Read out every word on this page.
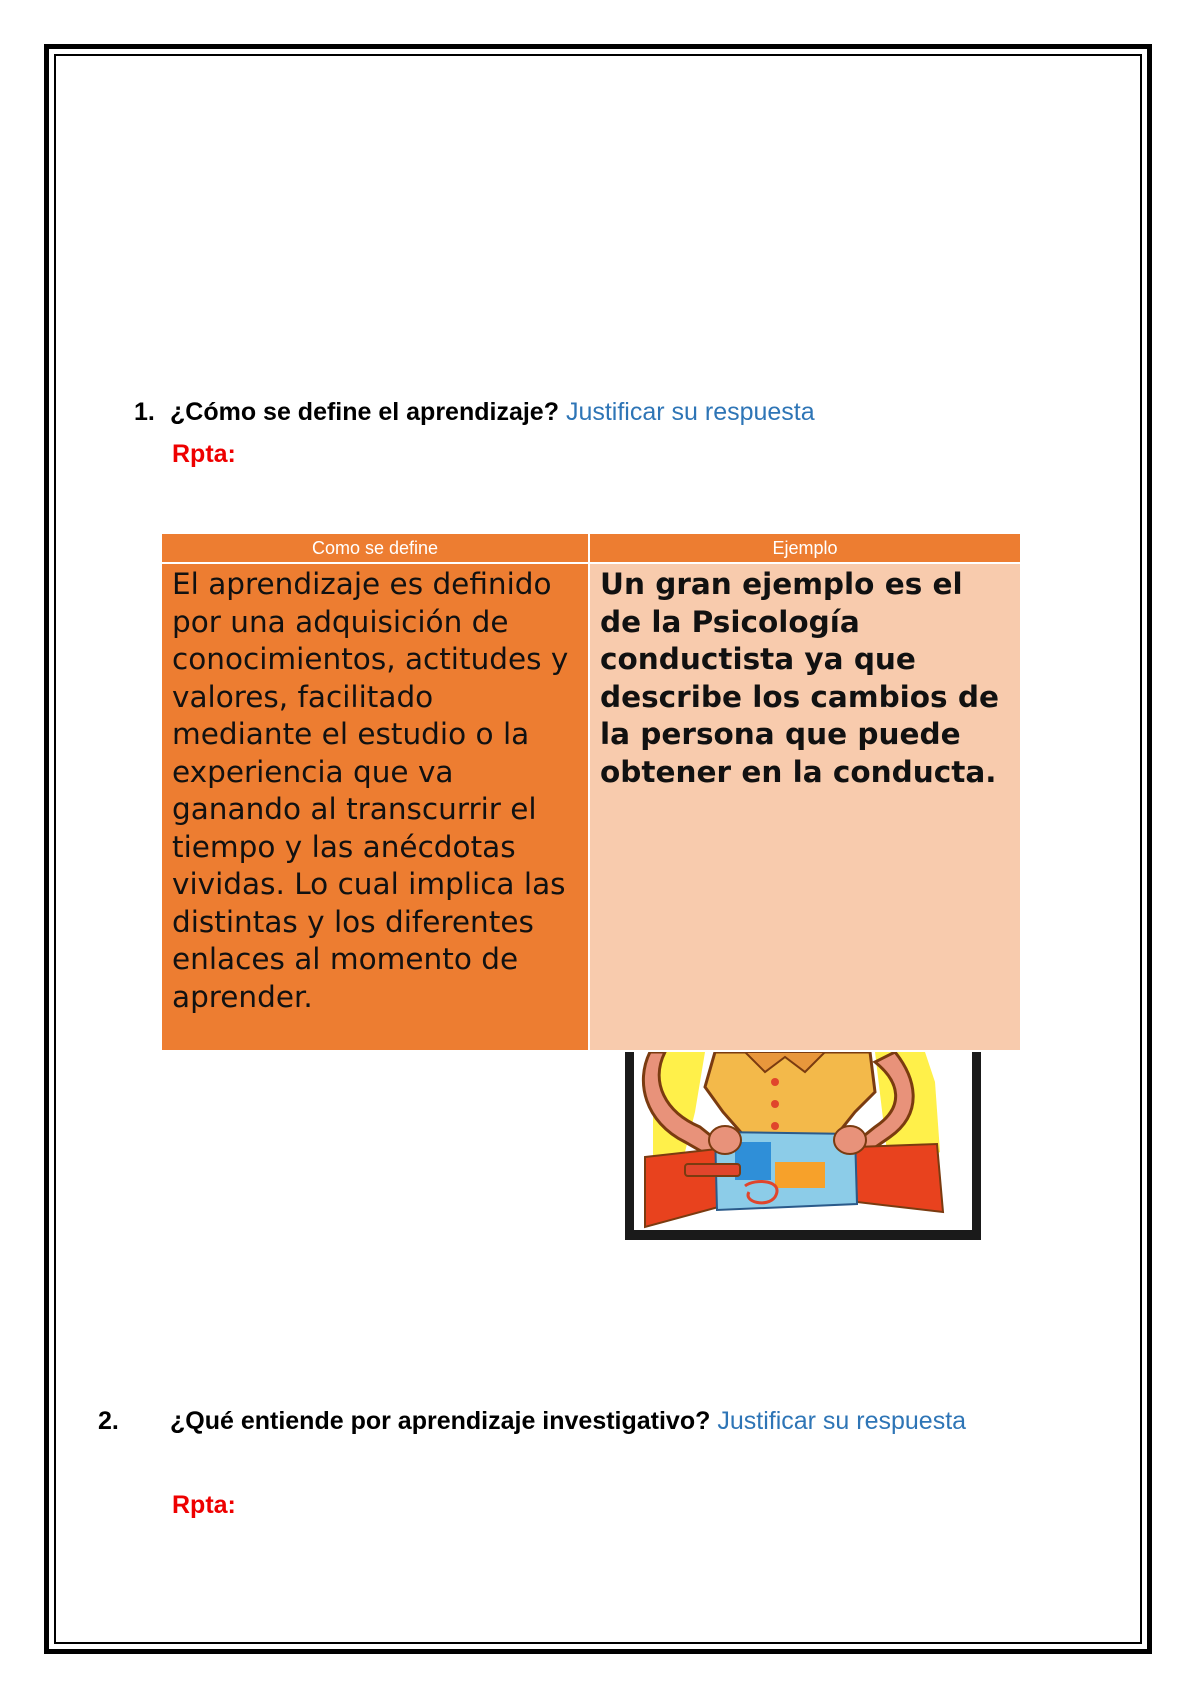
1. ¿Cómo se define el aprendizaje? Justificar su respuesta
Rpta:
Como se define	Ejemplo
El aprendizaje es definido por una adquisición de conocimientos, actitudes y valores, facilitado mediante el estudio o la experiencia que va ganando al transcurrir el tiempo y las anécdotas vividas. Lo cual implica las distintas y los diferentes enlaces al momento de aprender.	Un gran ejemplo es el de la Psicología conductista ya que describe los cambios de la persona que puede obtener en la conducta.
2. ¿Qué entiende por aprendizaje investigativo? Justificar su respuesta
Rpta:
